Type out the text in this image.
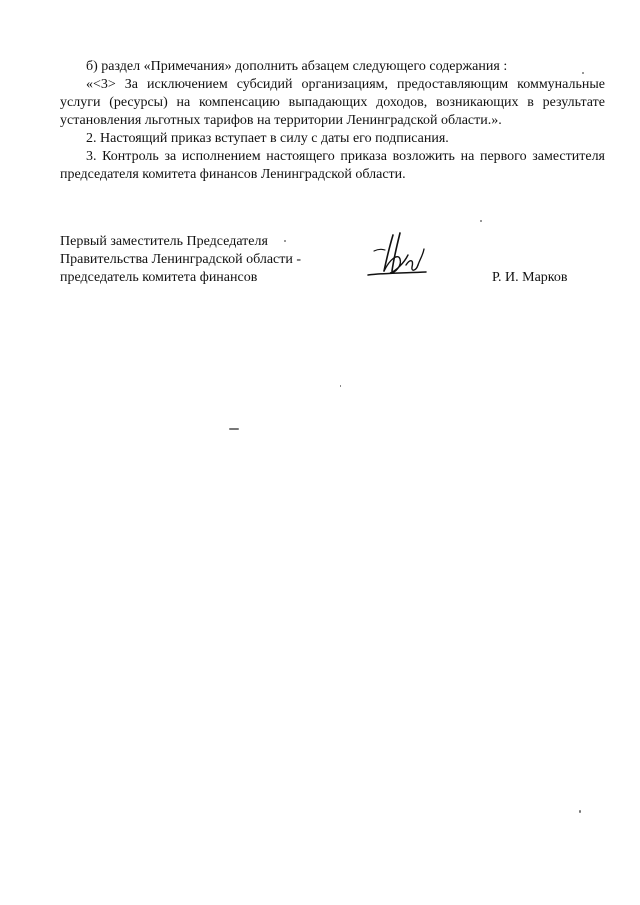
б) раздел «Примечания» дополнить абзацем следующего содержания :

«<3> За исключением субсидий организациям, предоставляющим коммунальные услуги (ресурсы) на компенсацию выпадающих доходов, возникающих в результате установления льготных тарифов на территории Ленинградской области.».

2. Настоящий приказ вступает в силу с даты его подписания.

3. Контроль за исполнением настоящего приказа возложить на первого заместителя председателя комитета финансов Ленинградской области.

Первый заместитель Председателя
Правительства Ленинградской области -
председатель комитета финансов	Р. И. Марков
